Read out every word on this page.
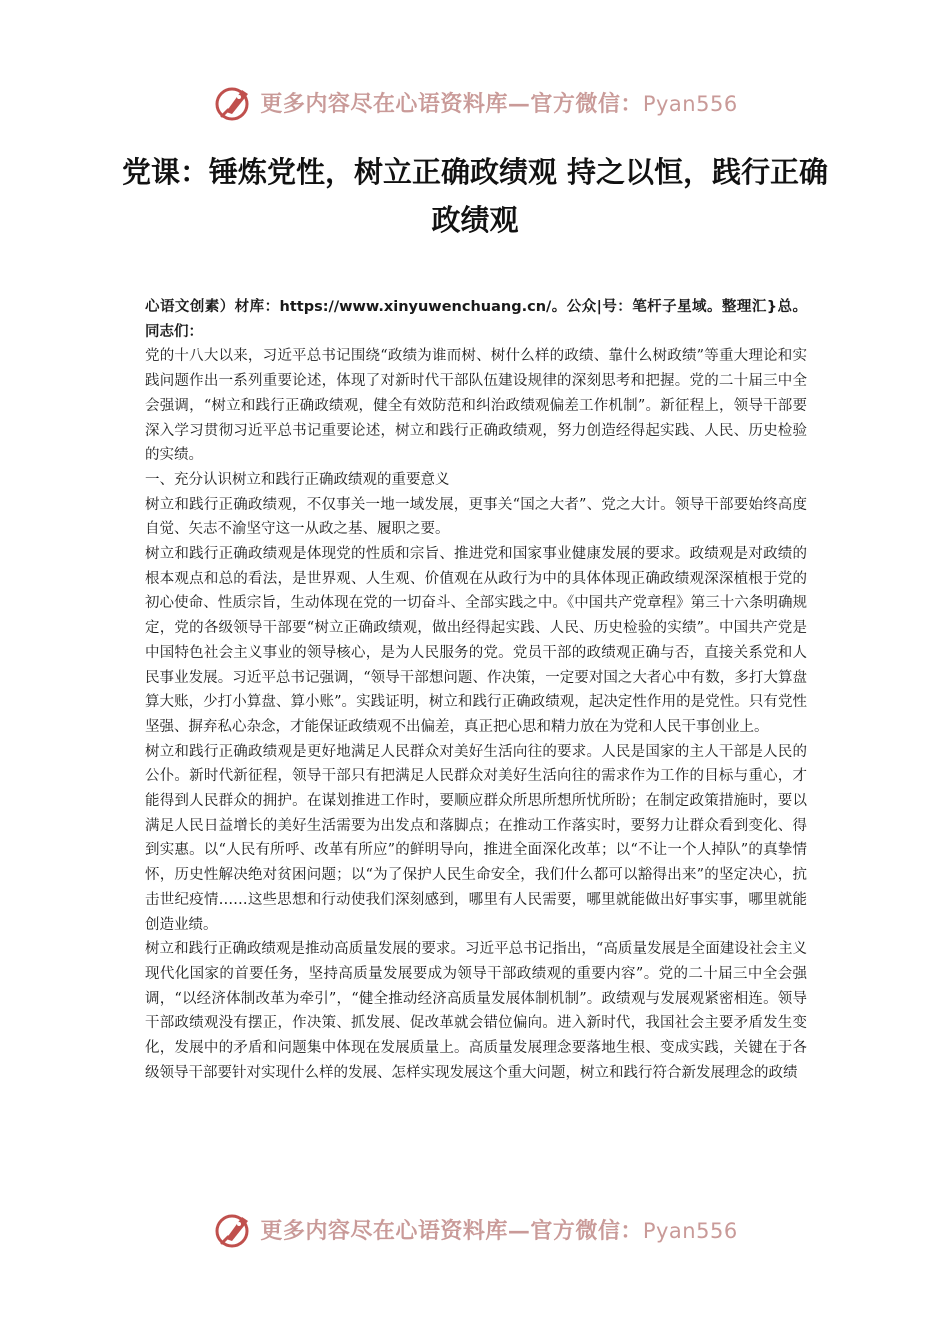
更多内容尽在心语资料库—官方微信：Pyan556
党课：锤炼党性，树立正确政绩观 持之以恒，践行正确政绩观

心语文创素）材库：https://www.xinyuwenchuang.cn/。公众|号：笔杆子星域。整理汇}总。同志们：

党的十八大以来，习近平总书记围绕“政绩为谁而树、树什么样的政绩、靠什么树政绩”等重大理论和实践问题作出一系列重要论述，体现了对新时代干部队伍建设规律的深刻思考和把握。党的二十届三中全会强调，“树立和践行正确政绩观，健全有效防范和纠治政绩观偏差工作机制”。新征程上，领导干部要深入学习贯彻习近平总书记重要论述，树立和践行正确政绩观，努力创造经得起实践、人民、历史检验的实绩。

一、充分认识树立和践行正确政绩观的重要意义

树立和践行正确政绩观，不仅事关一地一域发展，更事关“国之大者”、党之大计。领导干部要始终高度自觉、矢志不渝坚守这一从政之基、履职之要。

树立和践行正确政绩观是体现党的性质和宗旨、推进党和国家事业健康发展的要求。政绩观是对政绩的根本观点和总的看法，是世界观、人生观、价值观在从政行为中的具体体现正确政绩观深深植根于党的初心使命、性质宗旨，生动体现在党的一切奋斗、全部实践之中。《中国共产党章程》第三十六条明确规定，党的各级领导干部要“树立正确政绩观，做出经得起实践、人民、历史检验的实绩”。中国共产党是中国特色社会主义事业的领导核心，是为人民服务的党。党员干部的政绩观正确与否，直接关系党和人民事业发展。习近平总书记强调，“领导干部想问题、作决策，一定要对国之大者心中有数，多打大算盘算大账，少打小算盘、算小账”。实践证明，树立和践行正确政绩观，起决定性作用的是党性。只有党性坚强、摒弃私心杂念，才能保证政绩观不出偏差，真正把心思和精力放在为党和人民干事创业上。

树立和践行正确政绩观是更好地满足人民群众对美好生活向往的要求。人民是国家的主人干部是人民的公仆。新时代新征程，领导干部只有把满足人民群众对美好生活向往的需求作为工作的目标与重心，才能得到人民群众的拥护。在谋划推进工作时，要顺应群众所思所想所忧所盼；在制定政策措施时，要以满足人民日益增长的美好生活需要为出发点和落脚点；在推动工作落实时，要努力让群众看到变化、得到实惠。以“人民有所呼、改革有所应”的鲜明导向，推进全面深化改革；以“不让一个人掉队”的真挚情怀，历史性解决绝对贫困问题；以“为了保护人民生命安全，我们什么都可以豁得出来”的坚定决心，抗击世纪疫情……这些思想和行动使我们深刻感到，哪里有人民需要，哪里就能做出好事实事，哪里就能创造业绩。

树立和践行正确政绩观是推动高质量发展的要求。习近平总书记指出，“高质量发展是全面建设社会主义现代化国家的首要任务，坚持高质量发展要成为领导干部政绩观的重要内容”。党的二十届三中全会强调，“以经济体制改革为牵引”，“健全推动经济高质量发展体制机制”。政绩观与发展观紧密相连。领导干部政绩观没有摆正，作决策、抓发展、促改革就会错位偏向。进入新时代，我国社会主要矛盾发生变化，发展中的矛盾和问题集中体现在发展质量上。高质量发展理念要落地生根、变成实践，关键在于各级领导干部要针对实现什么样的发展、怎样实现发展这个重大问题，树立和践行符合新发展理念的政绩

更多内容尽在心语资料库—官方微信：Pyan556
